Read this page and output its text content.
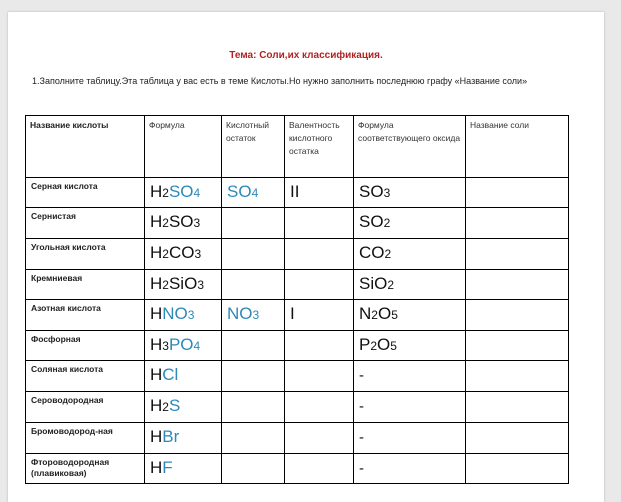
Тема: Соли,их классификация.
1.Заполните таблицу.Эта таблица у вас есть в теме Кислоты.Но нужно заполнить последнюю графу «Название соли»
Название кислоты	Формула	Кислотный остаток	Валентность кислотного остатка	Формула соответствующего оксида	Название соли
Серная кислота	H2SO4	SO4	II	SO3	
Сернистая	H2SO3			SO2	
Угольная кислота	H2CO3			CO2	
Кремниевая	H2SiO3			SiO2	
Азотная кислота	HNO3	NO3	I	N2O5	
Фосфорная	H3PO4			P2O5	
Соляная кислота	HCl			-	
Сероводородная	H2S			-	
Бромоводород-ная	HBr			-	
Фтороводородная (плавиковая)	HF			-	
